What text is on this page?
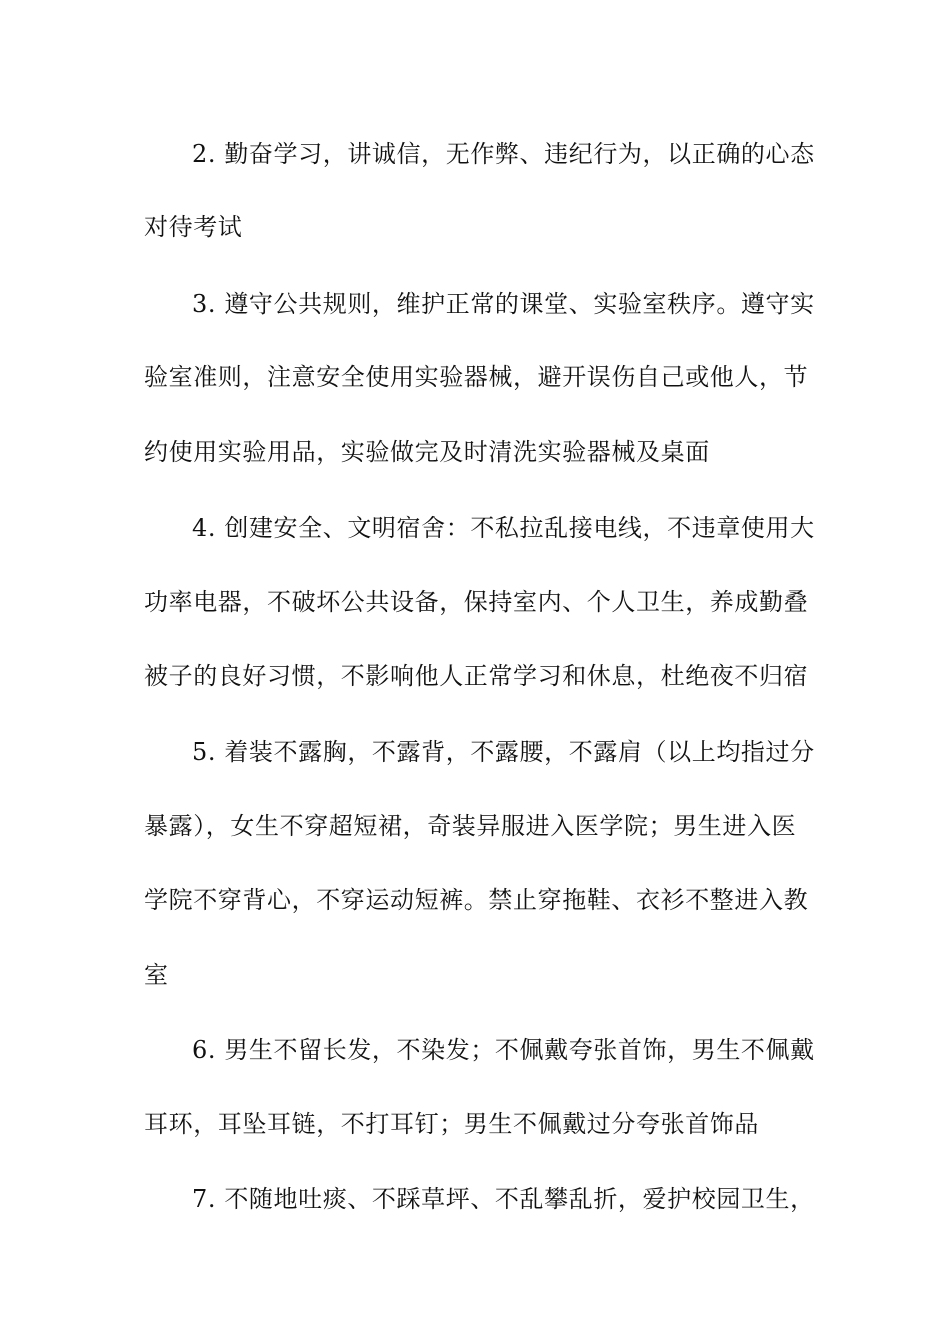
2. 勤奋学习，讲诚信，无作弊、违纪行为，以正确的心态
对待考试
3. 遵守公共规则，维护正常的课堂、实验室秩序。遵守实
验室准则，注意安全使用实验器械，避开误伤自己或他人，节
约使用实验用品，实验做完及时清洗实验器械及桌面
4. 创建安全、文明宿舍：不私拉乱接电线，不违章使用大
功率电器，不破坏公共设备，保持室内、个人卫生，养成勤叠
被子的良好习惯，不影响他人正常学习和休息，杜绝夜不归宿
5. 着装不露胸，不露背，不露腰，不露肩（以上均指过分
暴露），女生不穿超短裙，奇装异服进入医学院；男生进入医
学院不穿背心，不穿运动短裤。禁止穿拖鞋、衣衫不整进入教
室
6. 男生不留长发，不染发；不佩戴夸张首饰，男生不佩戴
耳环，耳坠耳链，不打耳钉；男生不佩戴过分夸张首饰品
7. 不随地吐痰、不踩草坪、不乱攀乱折，爱护校园卫生，
